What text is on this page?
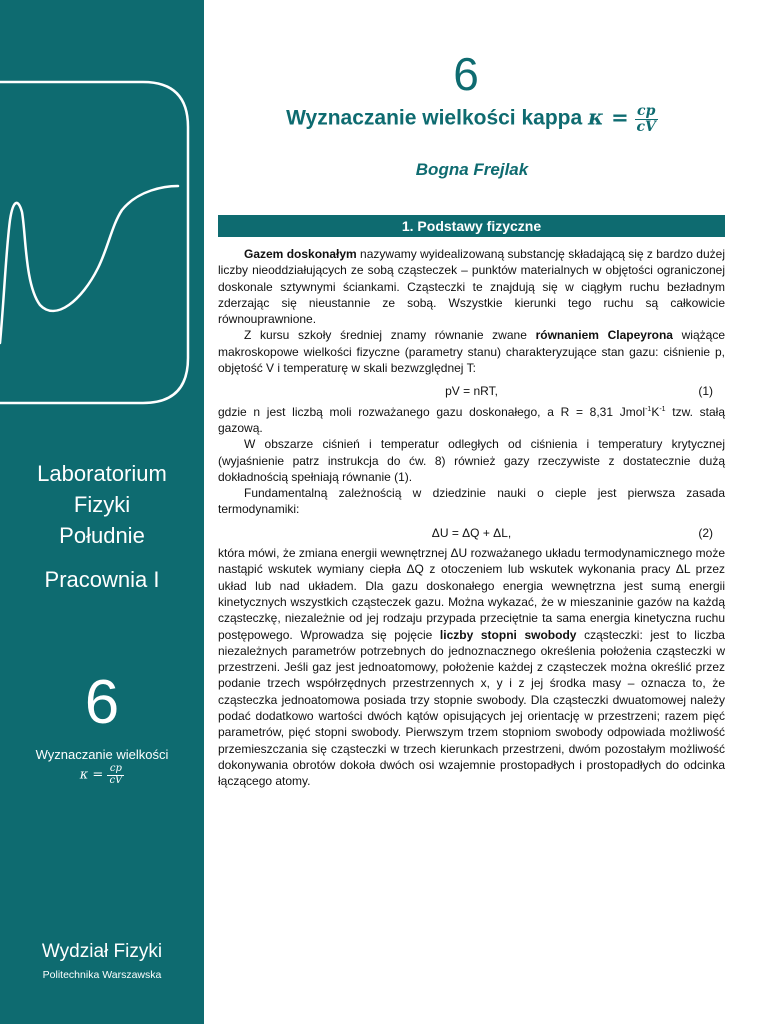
Laboratorium
Fizyki
Południe
Pracownia I
6
Wyznaczanie wielkości
$\kappa = \frac{cp}{cV}$
Wydział Fizyki
Politechnika Warszawska
6
Wyznaczanie wielkości kappa $\kappa = \frac{cp}{cV}$
Bogna Frejlak
1. Podstawy fizyczne

Gazem doskonałym nazywamy wyidealizowaną substancję składającą się z bardzo dużej liczby nieoddziałujących ze sobą cząsteczek – punktów materialnych w objętości ograniczonej doskonale sztywnymi ściankami. Cząsteczki te znajdują się w ciągłym ruchu bezładnym zderzając się nieustannie ze sobą. Wszystkie kierunki tego ruchu są całkowicie równouprawnione.

Z kursu szkoły średniej znamy równanie zwane równaniem Clapeyrona wiążące makroskopowe wielkości fizyczne (parametry stanu) charakteryzujące stan gazu: ciśnienie p, objętość V i temperaturę w skali bezwzględnej T:

pV = nRT,	(1)

gdzie n jest liczbą moli rozważanego gazu doskonałego, a R = 8,31 $Jmol^{-1}K^{-1}$ tzw. stałą gazową.

W obszarze ciśnień i temperatur odległych od ciśnienia i temperatury krytycznej (wyjaśnienie patrz instrukcja do ćw. 8) również gazy rzeczywiste z dostatecznie dużą dokładnością spełniają równanie (1).

Fundamentalną zależnością w dziedzinie nauki o cieple jest pierwsza zasada termodynamiki:

ΔU = ΔQ + ΔL,	(2)

która mówi, że zmiana energii wewnętrznej ΔU rozważanego układu termodynamicznego może nastąpić wskutek wymiany ciepła ΔQ z otoczeniem lub wskutek wykonania pracy ΔL przez układ lub nad układem. Dla gazu doskonałego energia wewnętrzna jest sumą energii kinetycznych wszystkich cząsteczek gazu. Można wykazać, że w mieszaninie gazów na każdą cząsteczkę, niezależnie od jej rodzaju przypada przeciętnie ta sama energia kinetyczna ruchu postępowego. Wprowadza się pojęcie liczby stopni swobody cząsteczki: jest to liczba niezależnych parametrów potrzebnych do jednoznacznego określenia położenia cząsteczki w przestrzeni. Jeśli gaz jest jednoatomowy, położenie każdej z cząsteczek można określić przez podanie trzech współrzędnych przestrzennych x, y i z jej środka masy – oznacza to, że cząsteczka jednoatomowa posiada trzy stopnie swobody. Dla cząsteczki dwuatomowej należy podać dodatkowo wartości dwóch kątów opisujących jej orientację w przestrzeni; razem pięć parametrów, pięć stopni swobody. Pierwszym trzem stopniom swobody odpowiada możliwość przemieszczania się cząsteczki w trzech kierunkach przestrzeni, dwóm pozostałym możliwość dokonywania obrotów dokoła dwóch osi wzajemnie prostopadłych i prostopadłych do odcinka łączącego atomy.
